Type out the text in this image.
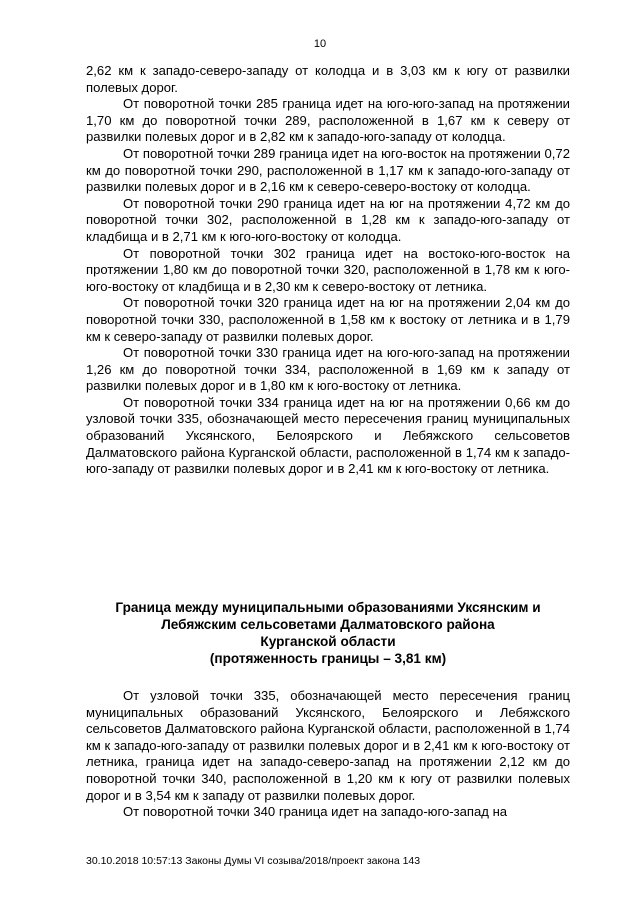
10

2,62 км к западо-северо-западу от колодца и в 3,03 км к югу от развилки полевых дорог.

От поворотной точки 285 граница идет на юго-юго-запад на протяжении 1,70 км до поворотной точки 289, расположенной в 1,67 км к северу от развилки полевых дорог и в 2,82 км к западо-юго-западу от колодца.

От поворотной точки 289 граница идет на юго-восток на протяжении 0,72 км до поворотной точки 290, расположенной в 1,17 км к западо-юго-западу от развилки полевых дорог и в 2,16 км к северо-северо-востоку от колодца.

От поворотной точки 290 граница идет на юг на протяжении 4,72 км до поворотной точки 302, расположенной в 1,28 км к западо-юго-западу от кладбища и в 2,71 км к юго-юго-востоку от колодца.

От поворотной точки 302 граница идет на востоко-юго-восток на протяжении 1,80 км до поворотной точки 320, расположенной в 1,78 км к юго-юго-востоку от кладбища и в 2,30 км к северо-востоку от летника.

От поворотной точки 320 граница идет на юг на протяжении 2,04 км до поворотной точки 330, расположенной в 1,58 км к востоку от летника и в 1,79 км к северо-западу от развилки полевых дорог.

От поворотной точки 330 граница идет на юго-юго-запад на протяжении 1,26 км до поворотной точки 334, расположенной в 1,69 км к западу от развилки полевых дорог и в 1,80 км к юго-востоку от летника.

От поворотной точки 334 граница идет на юг на протяжении 0,66 км до узловой точки 335, обозначающей место пересечения границ муниципальных образований Уксянского, Белоярского и Лебяжского сельсоветов Далматовского района Курганской области, расположенной в 1,74 км к западо-юго-западу от развилки полевых дорог и в 2,41 км к юго-востоку от летника.

Граница между муниципальными образованиями Уксянским и
Лебяжским сельсоветами Далматовского района
Курганской области
(протяженность границы – 3,81 км)

От узловой точки 335, обозначающей место пересечения границ муниципальных образований Уксянского, Белоярского и Лебяжского сельсоветов Далматовского района Курганской области, расположенной в 1,74 км к западо-юго-западу от развилки полевых дорог и в 2,41 км к юго-востоку от летника, граница идет на западо-северо-запад на протяжении 2,12 км до поворотной точки 340, расположенной в 1,20 км к югу от развилки полевых дорог и в 3,54 км к западу от развилки полевых дорог.

От поворотной точки 340 граница идет на западо-юго-запад на

30.10.2018 10:57:13 Законы Думы VI созыва/2018/проект закона 143
